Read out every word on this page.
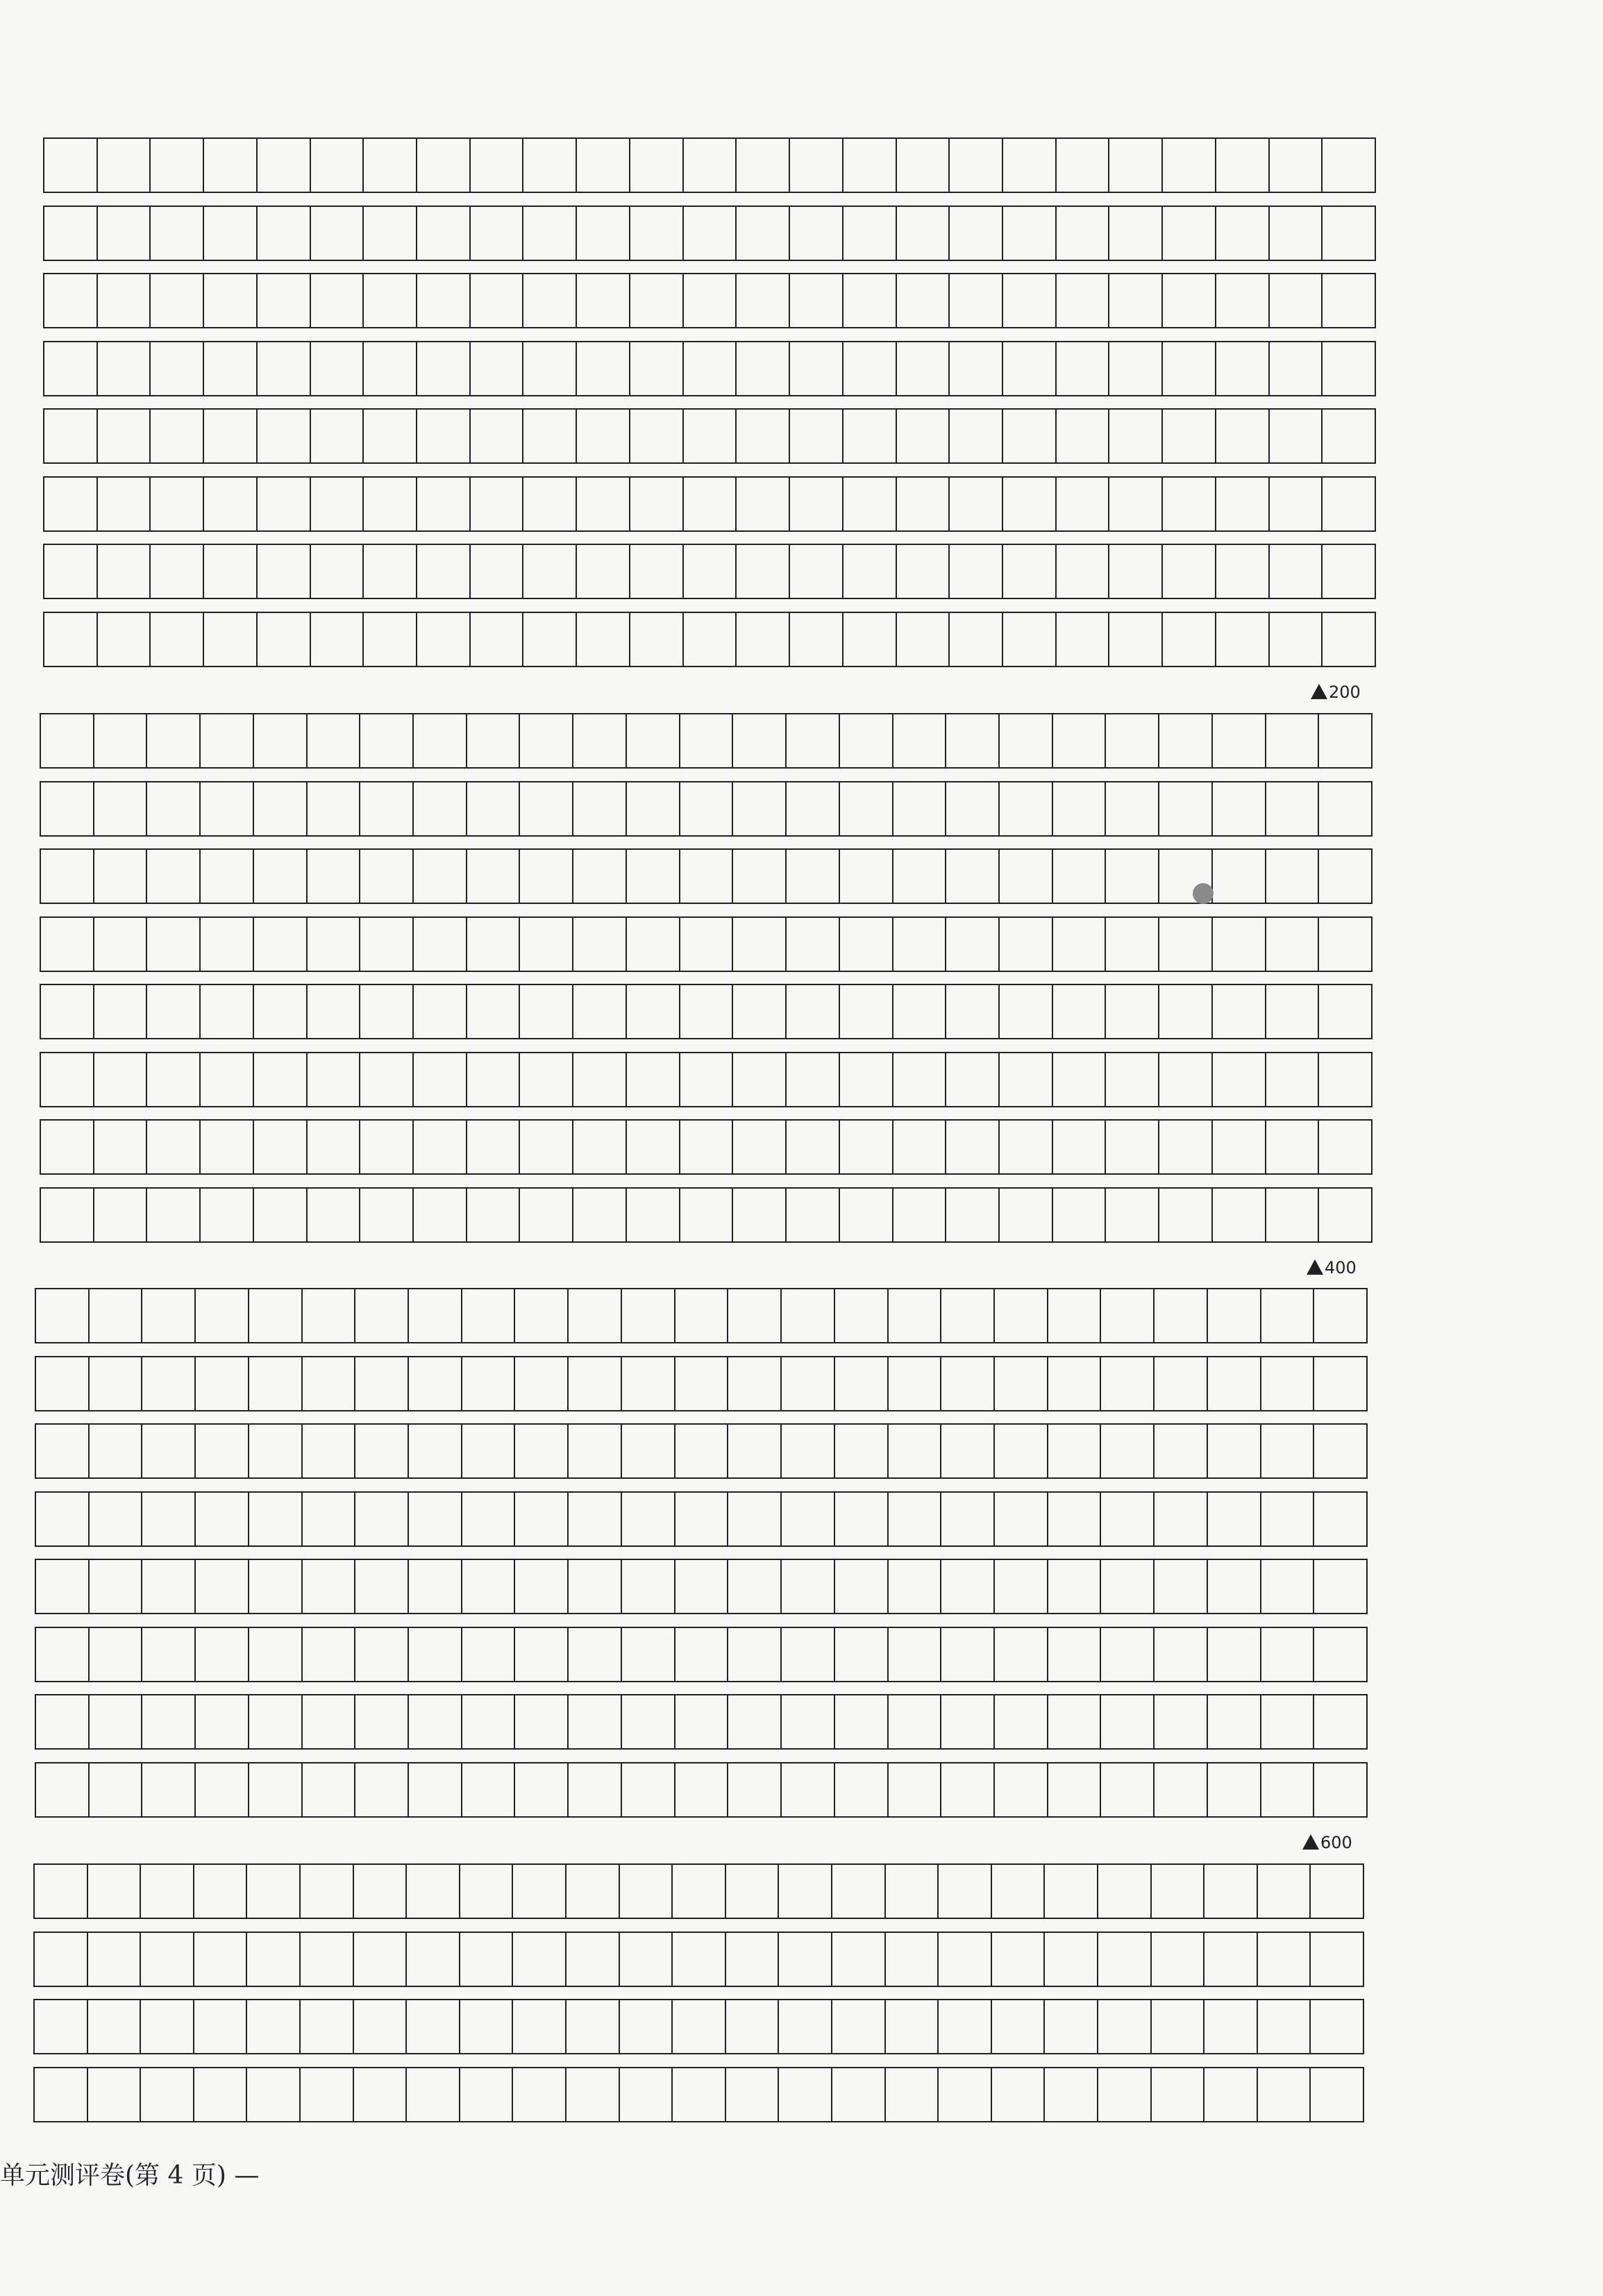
200
400
600
单元测评卷(第 4 页) —
